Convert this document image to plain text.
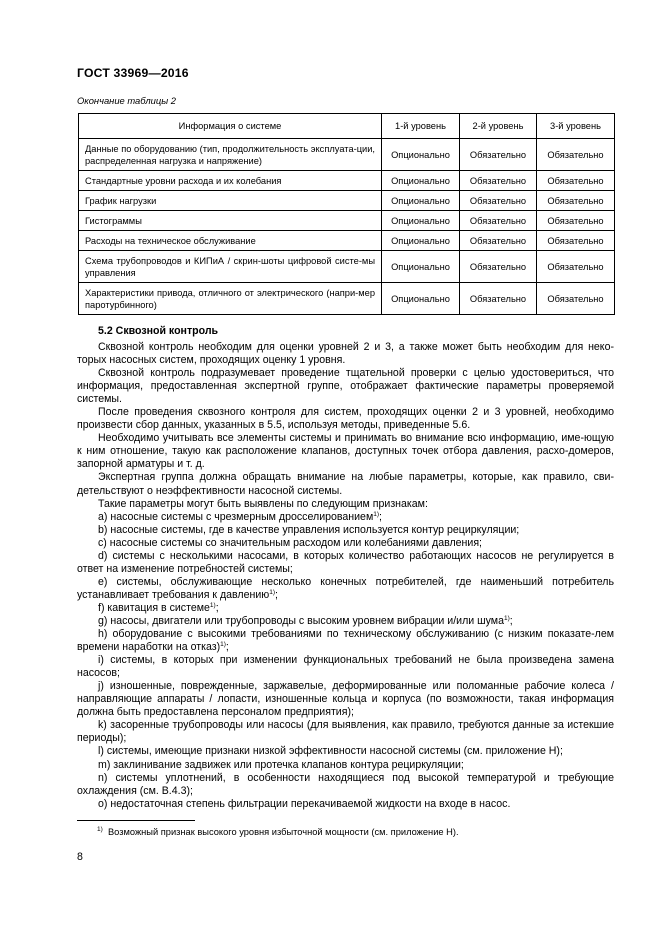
ГОСТ 33969—2016
Окончание таблицы 2
Информация о системе	1-й уровень	2-й уровень	3-й уровень
Данные по оборудованию (тип, продолжительность эксплуата-ции, распределенная нагрузка и напряжение)	Опционально	Обязательно	Обязательно
Стандартные уровни расхода и их колебания	Опционально	Обязательно	Обязательно
График нагрузки	Опционально	Обязательно	Обязательно
Гистограммы	Опционально	Обязательно	Обязательно
Расходы на техническое обслуживание	Опционально	Обязательно	Обязательно
Схема трубопроводов и КИПиА / скрин-шоты цифровой систе-мы управления	Опционально	Обязательно	Обязательно
Характеристики привода, отличного от электрического (напри-мер паротурбинного)	Опционально	Обязательно	Обязательно
5.2 Сквозной контроль

Сквозной контроль необходим для оценки уровней 2 и 3, а также может быть необходим для неко-торых насосных систем, проходящих оценку 1 уровня.

Сквозной контроль подразумевает проведение тщательной проверки с целью удостовериться, что информация, предоставленная экспертной группе, отображает фактические параметры проверяемой системы.

После проведения сквозного контроля для систем, проходящих оценки 2 и 3 уровней, необходимо произвести сбор данных, указанных в 5.5, используя методы, приведенные 5.6.

Необходимо учитывать все элементы системы и принимать во внимание всю информацию, име-ющую к ним отношение, такую как расположение клапанов, доступных точек отбора давления, расхо-домеров, запорной арматуры и т. д.

Экспертная группа должна обращать внимание на любые параметры, которые, как правило, сви-детельствуют о неэффективности насосной системы.

Такие параметры могут быть выявлены по следующим признакам:

a) насосные системы с чрезмерным дросселированием$^{1)}$;

b) насосные системы, где в качестве управления используется контур рециркуляции;

c) насосные системы со значительным расходом или колебаниями давления;

d) системы с несколькими насосами, в которых количество работающих насосов не регулируется в ответ на изменение потребностей системы;

e) системы, обслуживающие несколько конечных потребителей, где наименьший потребитель устанавливает требования к давлению$^{1)}$;

f) кавитация в системе$^{1)}$;

g) насосы, двигатели или трубопроводы с высоким уровнем вибрации и/или шума$^{1)}$;

h) оборудование с высокими требованиями по техническому обслуживанию (с низким показате-лем времени наработки на отказ)$^{1)}$;

i) системы, в которых при изменении функциональных требований не была произведена замена насосов;

j) изношенные, поврежденные, заржавелые, деформированные или поломанные рабочие колеса / направляющие аппараты / лопасти, изношенные кольца и корпуса (по возможности, такая информация должна быть предоставлена персоналом предприятия);

k) засоренные трубопроводы или насосы (для выявления, как правило, требуются данные за истекшие периоды);

l) системы, имеющие признаки низкой эффективности насосной системы (см. приложение Н);

m) заклинивание задвижек или протечка клапанов контура рециркуляции;

n) системы уплотнений, в особенности находящиеся под высокой температурой и требующие охлаждения (см. В.4.3);

o) недостаточная степень фильтрации перекачиваемой жидкости на входе в насос.

$^{1)}$ Возможный признак высокого уровня избыточной мощности (см. приложение Н).
8
